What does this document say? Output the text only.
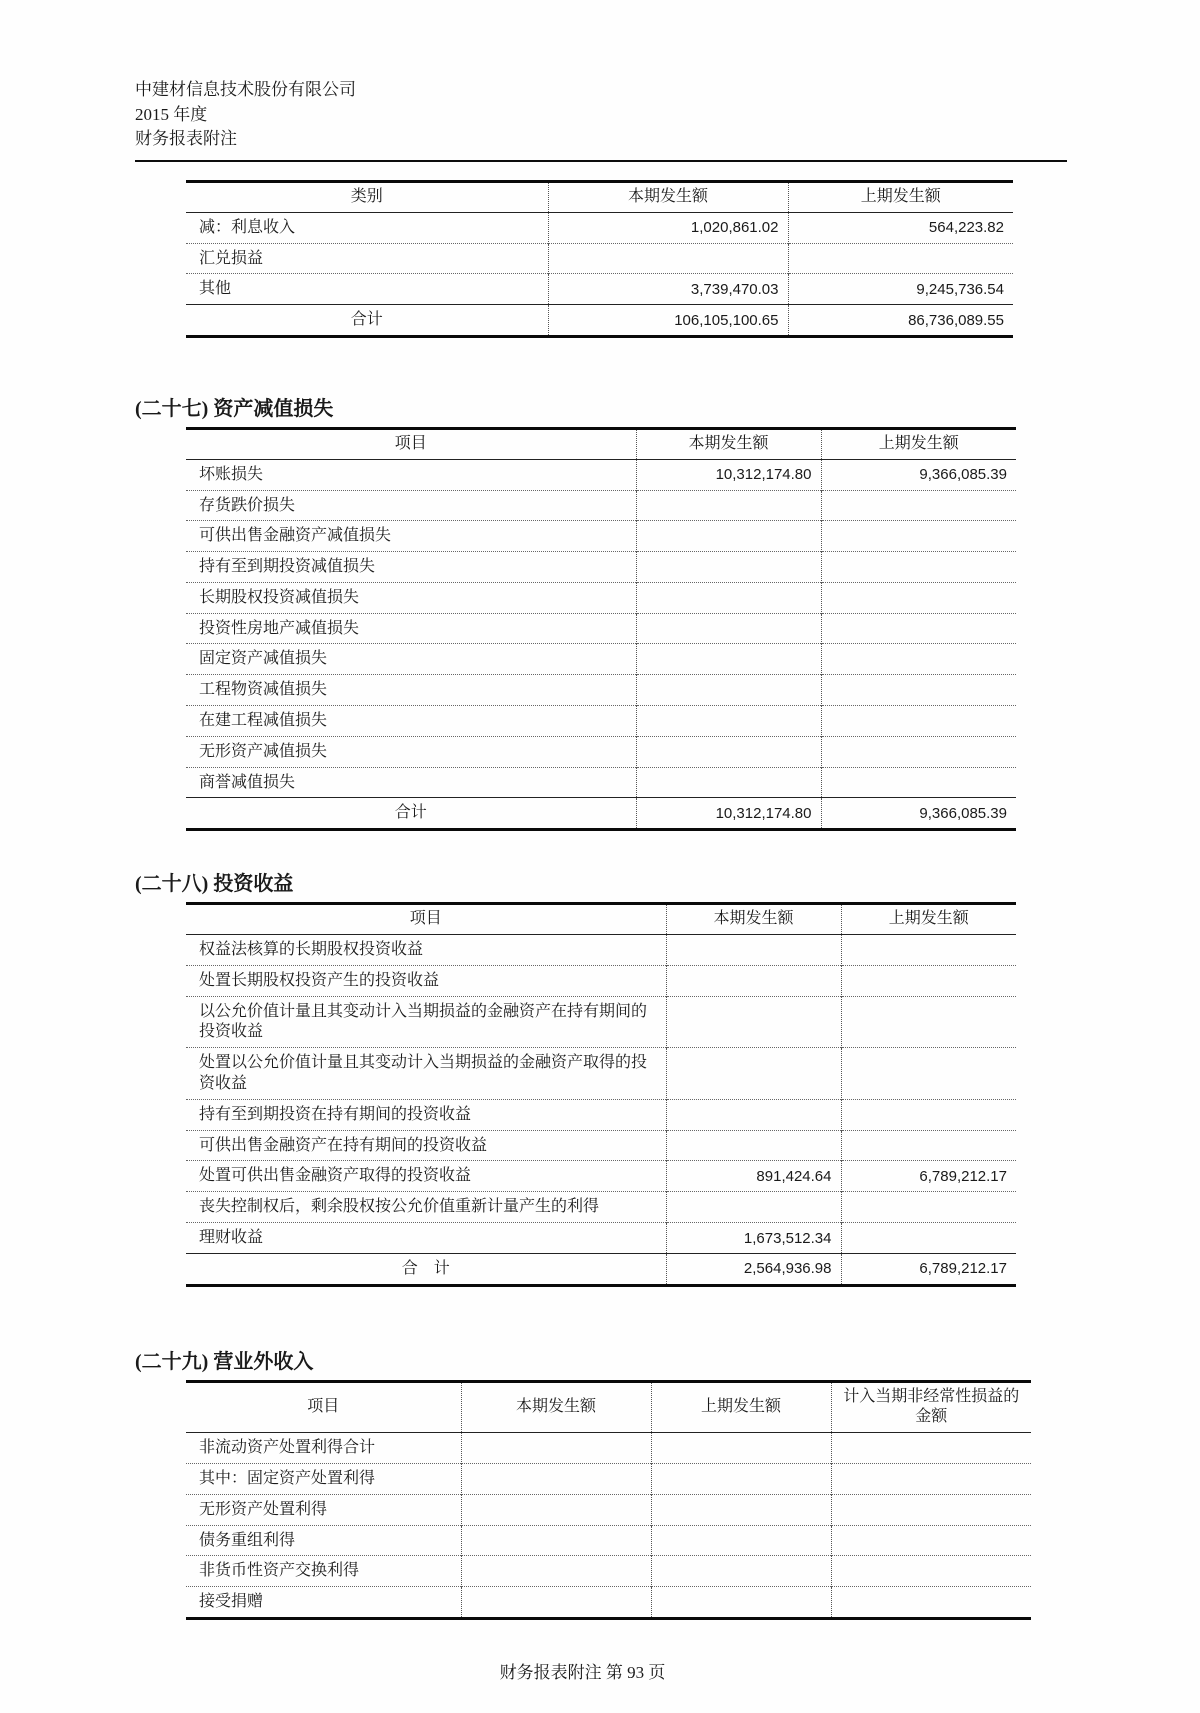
中建材信息技术股份有限公司
2015 年度
财务报表附注
类别	本期发生额	上期发生额
减：利息收入	1,020,861.02	564,223.82
汇兑损益		
其他	3,739,470.03	9,245,736.54
合计	106,105,100.65	86,736,089.55
(二十七) 资产减值损失
项目	本期发生额	上期发生额
坏账损失	10,312,174.80	9,366,085.39
存货跌价损失		
可供出售金融资产减值损失		
持有至到期投资减值损失		
长期股权投资减值损失		
投资性房地产减值损失		
固定资产减值损失		
工程物资减值损失		
在建工程减值损失		
无形资产减值损失		
商誉减值损失		
合计	10,312,174.80	9,366,085.39
(二十八) 投资收益
项目	本期发生额	上期发生额
权益法核算的长期股权投资收益		
处置长期股权投资产生的投资收益		
以公允价值计量且其变动计入当期损益的金融资产在持有期间的投资收益		
处置以公允价值计量且其变动计入当期损益的金融资产取得的投资收益		
持有至到期投资在持有期间的投资收益		
可供出售金融资产在持有期间的投资收益		
处置可供出售金融资产取得的投资收益	891,424.64	6,789,212.17
丧失控制权后，剩余股权按公允价值重新计量产生的利得		
理财收益	1,673,512.34	
合　计	2,564,936.98	6,789,212.17
(二十九) 营业外收入
项目	本期发生额	上期发生额	计入当期非经常性损益的金额
非流动资产处置利得合计			
其中：固定资产处置利得			
无形资产处置利得			
债务重组利得			
非货币性资产交换利得			
接受捐赠			
财务报表附注 第 93 页
